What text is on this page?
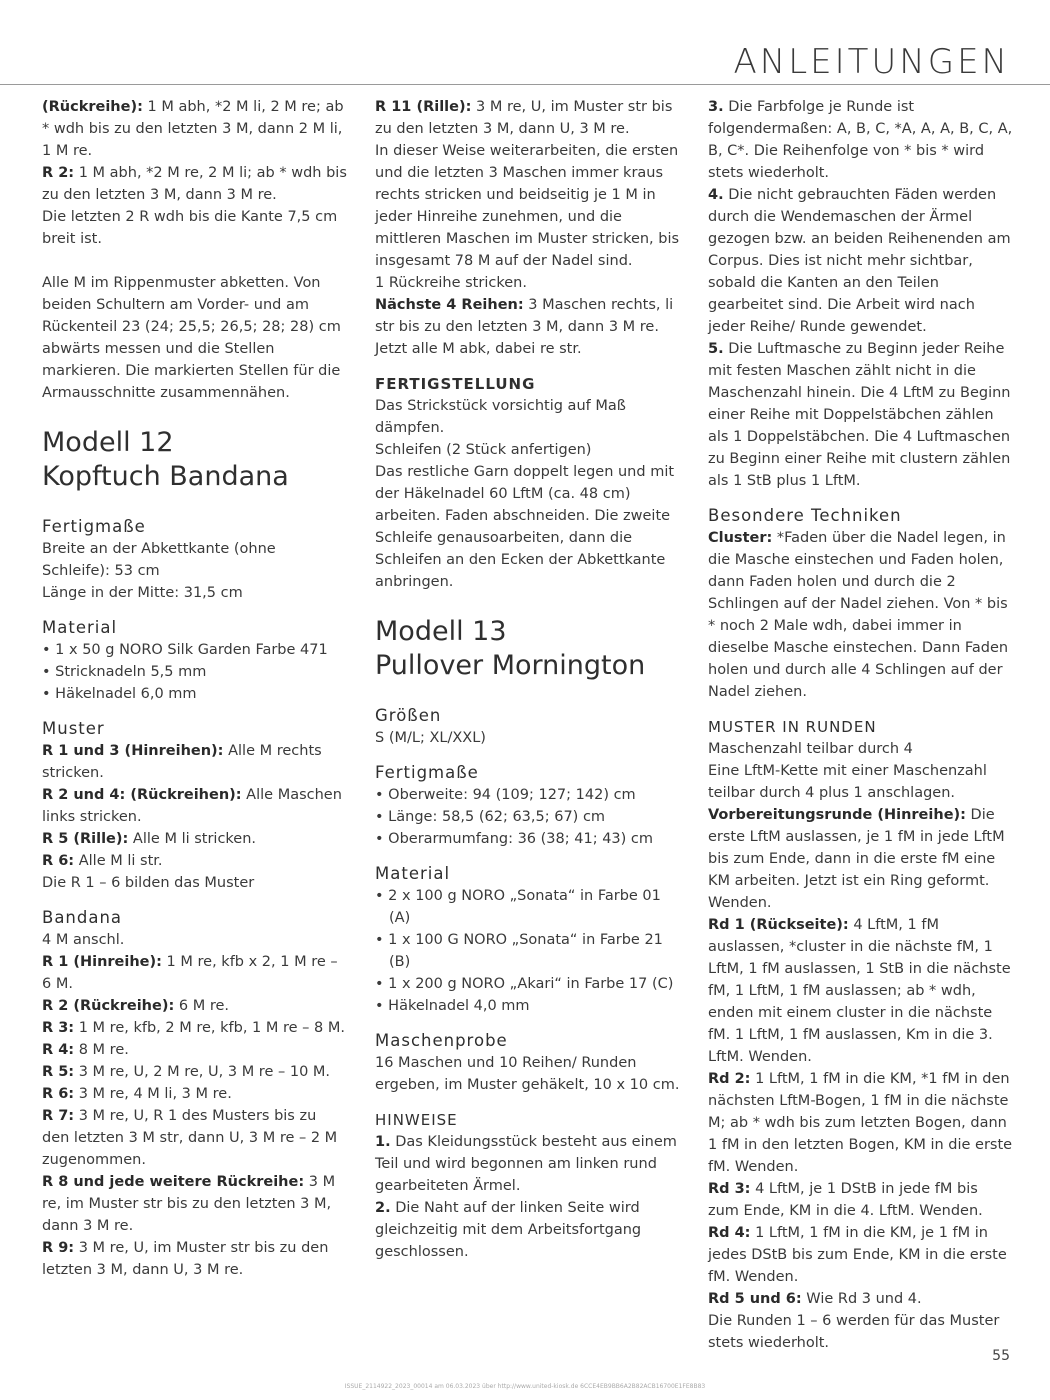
ANLEITUNGEN

(Rückreihe): 1 M abh, *2 M li, 2 M re; ab * wdh bis zu den letzten 3 M, dann 2 M li, 1 M re.

R 2: 1 M abh, *2 M re, 2 M li; ab * wdh bis zu den letzten 3 M, dann 3 M re.

Die letzten 2 R wdh bis die Kante 7,5 cm breit ist.

Alle M im Rippenmuster abketten. Von beiden Schultern am Vorder- und am Rückenteil 23 (24; 25,5; 26,5; 28; 28) cm abwärts messen und die Stellen markieren. Die markierten Stellen für die Armausschnitte zusammennähen.

Modell 12
Kopftuch Bandana
Fertigmaße

Breite an der Abkettkante (ohne Schleife): 53 cm

Länge in der Mitte: 31,5 cm

Material
• 1 x 50 g NORO Silk Garden Farbe 471
• Stricknadeln 5,5 mm
• Häkelnadel 6,0 mm
Muster

R 1 und 3 (Hinreihen): Alle M rechts stricken.

R 2 und 4: (Rückreihen): Alle Maschen links stricken.

R 5 (Rille): Alle M li stricken.

R 6: Alle M li str.

Die R 1 – 6 bilden das Muster

Bandana

4 M anschl.

R 1 (Hinreihe): 1 M re, kfb x 2, 1 M re – 6 M.

R 2 (Rückreihe): 6 M re.

R 3: 1 M re, kfb, 2 M re, kfb, 1 M re – 8 M.

R 4: 8 M re.

R 5: 3 M re, U, 2 M re, U, 3 M re – 10 M.

R 6: 3 M re, 4 M li, 3 M re.

R 7: 3 M re, U, R 1 des Musters bis zu den letzten 3 M str, dann U, 3 M re – 2 M zugenommen.

R 8 und jede weitere Rückreihe: 3 M re, im Muster str bis zu den letzten 3 M, dann 3 M re.

R 9: 3 M re, U, im Muster str bis zu den letzten 3 M, dann U, 3 M re.

R 11 (Rille): 3 M re, U, im Muster str bis zu den letzten 3 M, dann U, 3 M re.

In dieser Weise weiterarbeiten, die ersten und die letzten 3 Maschen immer kraus rechts stricken und beidseitig je 1 M in jeder Hinreihe zunehmen, und die mittleren Maschen im Muster stricken, bis insgesamt 78 M auf der Nadel sind.

1 Rückreihe stricken.

Nächste 4 Reihen: 3 Maschen rechts, li str bis zu den letzten 3 M, dann 3 M re.

Jetzt alle M abk, dabei re str.

FERTIGSTELLUNG

Das Strickstück vorsichtig auf Maß dämpfen.

Schleifen (2 Stück anfertigen)

Das restliche Garn doppelt legen und mit der Häkelnadel 60 LftM (ca. 48 cm) arbeiten. Faden abschneiden. Die zweite Schleife genausoarbeiten, dann die Schleifen an den Ecken der Abkettkante anbringen.

Modell 13
Pullover Mornington
Größen

S (M/L; XL/XXL)

Fertigmaße
• Oberweite: 94 (109; 127; 142) cm
• Länge: 58,5 (62; 63,5; 67) cm
• Oberarmumfang: 36 (38; 41; 43) cm
Material
• 2 x 100 g NORO „Sonata“ in Farbe 01 (A)
• 1 x 100 G NORO „Sonata“ in Farbe 21 (B)
• 1 x 200 g NORO „Akari“ in Farbe 17 (C)
• Häkelnadel 4,0 mm
Maschenprobe

16 Maschen und 10 Reihen/ Runden ergeben, im Muster gehäkelt, 10 x 10 cm.

HINWEISE

1. Das Kleidungsstück besteht aus einem Teil und wird begonnen am linken rund gearbeiteten Ärmel.

2. Die Naht auf der linken Seite wird gleichzeitig mit dem Arbeitsfortgang geschlossen.

3. Die Farbfolge je Runde ist folgendermaßen: A, B, C, *A, A, A, B, C, A, B, C*. Die Reihenfolge von * bis * wird stets wiederholt.

4. Die nicht gebrauchten Fäden werden durch die Wendemaschen der Ärmel gezogen bzw. an beiden Reihenenden am Corpus. Dies ist nicht mehr sichtbar, sobald die Kanten an den Teilen gearbeitet sind. Die Arbeit wird nach jeder Reihe/ Runde gewendet.

5. Die Luftmasche zu Beginn jeder Reihe mit festen Maschen zählt nicht in die Maschenzahl hinein. Die 4 LftM zu Beginn einer Reihe mit Doppelstäbchen zählen als 1 Doppelstäbchen. Die 4 Luftmaschen zu Beginn einer Reihe mit clustern zählen als 1 StB plus 1 LftM.

Besondere Techniken

Cluster: *Faden über die Nadel legen, in die Masche einstechen und Faden holen, dann Faden holen und durch die 2 Schlingen auf der Nadel ziehen. Von * bis * noch 2 Male wdh, dabei immer in dieselbe Masche einstechen. Dann Faden holen und durch alle 4 Schlingen auf der Nadel ziehen.

MUSTER IN RUNDEN

Maschenzahl teilbar durch 4

Eine LftM-Kette mit einer Maschenzahl teilbar durch 4 plus 1 anschlagen.

Vorbereitungsrunde (Hinreihe): Die erste LftM auslassen, je 1 fM in jede LftM bis zum Ende, dann in die erste fM eine KM arbeiten. Jetzt ist ein Ring geformt. Wenden.

Rd 1 (Rückseite): 4 LftM, 1 fM auslassen, *cluster in die nächste fM, 1 LftM, 1 fM auslassen, 1 StB in die nächste fM, 1 LftM, 1 fM auslassen; ab * wdh, enden mit einem cluster in die nächste fM. 1 LftM, 1 fM auslassen, Km in die 3. LftM. Wenden.

Rd 2: 1 LftM, 1 fM in die KM, *1 fM in den nächsten LftM-Bogen, 1 fM in die nächste M; ab * wdh bis zum letzten Bogen, dann 1 fM in den letzten Bogen, KM in die erste fM. Wenden.

Rd 3: 4 LftM, je 1 DStB in jede fM bis zum Ende, KM in die 4. LftM. Wenden.

Rd 4: 1 LftM, 1 fM in die KM, je 1 fM in jedes DStB bis zum Ende, KM in die erste fM. Wenden.

Rd 5 und 6: Wie Rd 3 und 4.

Die Runden 1 – 6 werden für das Muster stets wiederholt.

55
ISSUE_2114922_2023_00014 am 06.03.2023 über http://www.united-kiosk.de 6CCE4EB9BB6A2B82ACB16700E1FE8B83
